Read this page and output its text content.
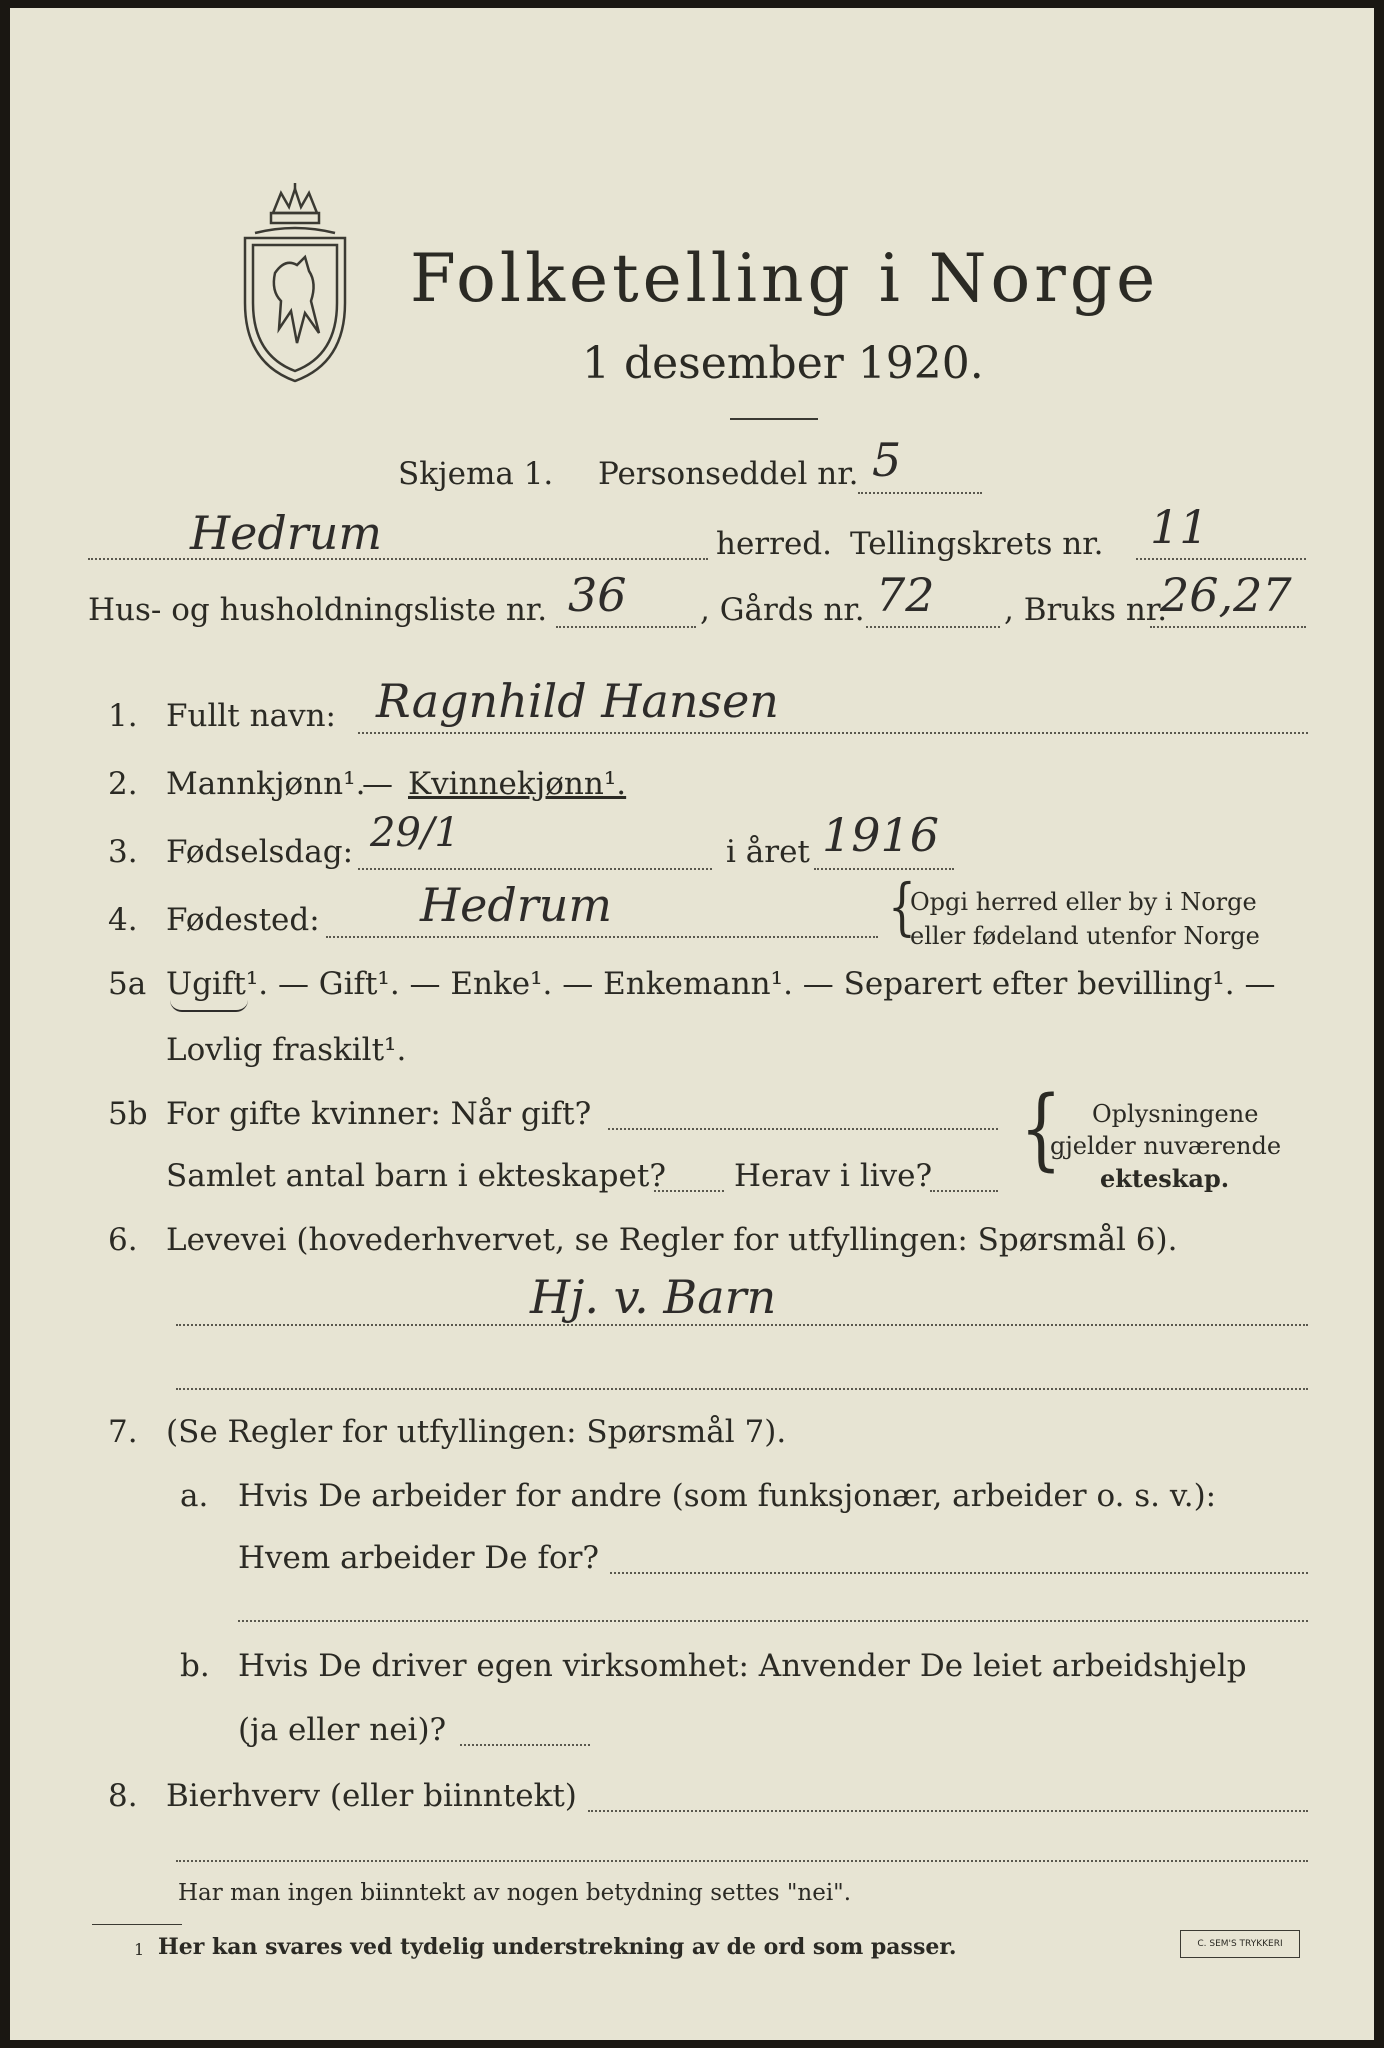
Folketelling i Norge
1 desember 1920.
Skjema 1. Personseddel nr. 5
Hedrum	herred. Tellingskrets nr. 11
Hus- og husholdningsliste nr. 36 , Gårds nr. 72 , Bruks nr.
26,27
1. Fullt navn: Ragnhild Hansen
2. Mannkjønn¹.
— Kvinnekjønn¹.
3. Fødselsdag: 29/1	i året 1916
4. Fødested: Hedrum	{
Opgi herred eller by i Norge
eller fødeland utenfor Norge
5a Ugift¹. — Gift¹. — Enke¹. — Enkemann¹. — Separert efter bevilling¹. —
Lovlig fraskilt¹.
5b For gifte kvinner: Når gift?
Samlet antal barn i ekteskapet? Herav i live? { Oplysningene
gjelder nuværende
ekteskap.
6. Levevei (hovederhvervet, se Regler for utfyllingen: Spørsmål 6).
Hj. v. Barn
7. (Se Regler for utfyllingen: Spørsmål 7).
a. Hvis De arbeider for andre (som funksjonær, arbeider o. s. v.):
Hvem arbeider De for?
b. Hvis De driver egen virksomhet: Anvender De leiet arbeidshjelp
(ja eller nei)?
8. Bierhverv (eller biinntekt)
Har man ingen biinntekt av nogen betydning settes "nei".
1 Her kan svares ved tydelig understrekning av de ord som passer.	C. SEM'S TRYKKERI
